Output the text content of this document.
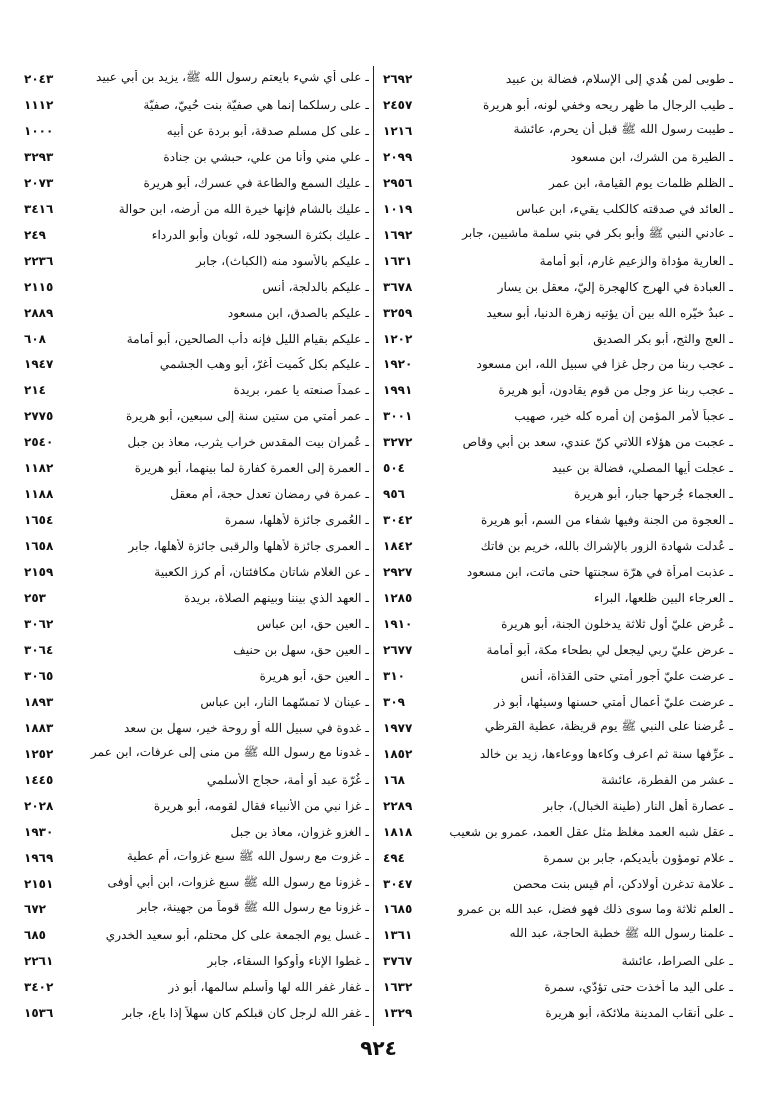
٢٦٩٢	ـ طوبى لمن هُدي إلى الإسلام، فضالة بن عبيد
٢٤٥٧	ـ طيب الرجال ما ظهر ريحه وخفي لونه، أبو هريرة
١٢١٦	ـ طيبت رسول الله ﷺ قبل أن يحرم، عائشة
٢٠٩٩	ـ الطيرة من الشرك، ابن مسعود
٢٩٥٦	ـ الظلم ظلمات يوم القيامة، ابن عمر
١٠١٩	ـ العائد في صدقته كالكلب يقيء، ابن عباس
١٦٩٢	ـ عادني النبي ﷺ وأبو بكر في بني سلمة ماشيين، جابر
١٦٣١	ـ العارية مؤداة والزعيم غارم، أبو أمامة
٣٦٧٨	ـ العبادة في الهرج كالهجرة إليّ، معقل بن يسار
٣٢٥٩	ـ عبدٌ خيّره الله بين أن يؤتيه زهرة الدنيا، أبو سعيد
١٢٠٢	ـ العج والثج، أبو بكر الصديق
١٩٢٠	ـ عجب ربنا من رجل غزا في سبيل الله، ابن مسعود
١٩٩١	ـ عجب ربنا عز وجل من قوم يقادون، أبو هريرة
٣٠٠١	ـ عجباً لأمر المؤمن إن أمره كله خير، صهيب
٣٢٧٢	ـ عجبت من هؤلاء اللاتي كنّ عندي، سعد بن أبي وقاص
٥٠٤	ـ عجلت أيها المصلي، فضالة بن عبيد
٩٥٦	ـ العجماء جُرحها جبار، أبو هريرة
٣٠٤٢	ـ العجوة من الجنة وفيها شفاء من السم، أبو هريرة
١٨٤٢	ـ عُدلت شهادة الزور بالإشراك بالله، خريم بن فاتك
٢٩٢٧	ـ عذبت امرأة في هرّة سجنتها حتى ماتت، ابن مسعود
١٢٨٥	ـ العرجاء البين ظلعها، البراء
١٩١٠	ـ عُرض عليّ أول ثلاثة يدخلون الجنة، أبو هريرة
٢٦٧٧	ـ عرض عليّ ربي ليجعل لي بطحاء مكة، أبو أمامة
٣١٠	ـ عرضت عليّ أجور أمتي حتى القذاة، أنس
٣٠٩	ـ عرضت عليّ أعمال أمتي حسنها وسيئها، أبو ذر
١٩٧٧	ـ عُرضنا على النبي ﷺ يوم قريظة، عطية القرظي
١٨٥٢	ـ عرِّفها سنة ثم اعرف وكاءها ووعاءها، زيد بن خالد
١٦٨	ـ عشر من الفطرة، عائشة
٢٢٨٩	ـ عصارة أهل النار (طينة الخبال)، جابر
١٨١٨	ـ عقل شبه العمد مغلظ مثل عقل العمد، عمرو بن شعيب
٤٩٤	ـ علام تومؤون بأيديكم، جابر بن سمرة
٣٠٤٧	ـ علامة تدغرن أولادكن، أم قيس بنت محصن
١٦٨٥	ـ العلم ثلاثة وما سوى ذلك فهو فضل، عبد الله بن عمرو
١٣٦١	ـ علمنا رسول الله ﷺ خطبة الحاجة، عبد الله
٣٧٦٧	ـ على الصراط، عائشة
١٦٣٢	ـ على اليد ما أخذت حتى تؤدّي، سمرة
١٣٢٩	ـ على أنقاب المدينة ملائكة، أبو هريرة
٢٠٤٣	ـ على أي شيء بايعتم رسول الله ﷺ، يزيد بن أبي عبيد
١١١٢	ـ على رسلكما إنما هي صفيّة بنت حُييّ، صفيّة
١٠٠٠	ـ على كل مسلم صدقة، أبو بردة عن أبيه
٣٢٩٣	ـ علي مني وأنا من علي، حبشي بن جنادة
٢٠٧٣	ـ عليك السمع والطاعة في عسرك، أبو هريرة
٣٤١٦	ـ عليك بالشام فإنها خيرة الله من أرضه، ابن حوالة
٢٤٩	ـ عليك بكثرة السجود لله، ثوبان وأبو الدرداء
٢٢٣٦	ـ عليكم بالأسود منه (الكباث)، جابر
٢١١٥	ـ عليكم بالدلجة، أنس
٢٨٨٩	ـ عليكم بالصدق، ابن مسعود
٦٠٨	ـ عليكم بقيام الليل فإنه دأب الصالحين، أبو أمامة
١٩٤٧	ـ عليكم بكل كُميت أغرّ، أبو وهب الجشمي
٢١٤	ـ عمداً صنعته يا عمر، بريدة
٢٧٧٥	ـ عمر أمتي من ستين سنة إلى سبعين، أبو هريرة
٢٥٤٠	ـ عُمران بيت المقدس خراب يثرب، معاذ بن جبل
١١٨٢	ـ العمرة إلى العمرة كفارة لما بينهما، أبو هريرة
١١٨٨	ـ عمرة في رمضان تعدل حجة، أم معقل
١٦٥٤	ـ العُمرى جائزة لأهلها، سمرة
١٦٥٨	ـ العمرى جائزة لأهلها والرقبى جائزة لأهلها، جابر
٢١٥٩	ـ عن الغلام شاتان مكافئتان، أم كرز الكعبية
٢٥٣	ـ العهد الذي بيننا وبينهم الصلاة، بريدة
٣٠٦٢	ـ العين حق، ابن عباس
٣٠٦٤	ـ العين حق، سهل بن حنيف
٣٠٦٥	ـ العين حق، أبو هريرة
١٨٩٣	ـ عينان لا تمسّهما النار، ابن عباس
١٨٨٣	ـ غدوة في سبيل الله أو روحة خير، سهل بن سعد
١٢٥٢	ـ غدونا مع رسول الله ﷺ من منى إلى عرفات، ابن عمر
١٤٤٥	ـ غُرّة عبد أو أمة، حجاج الأسلمي
٢٠٢٨	ـ غزا نبي من الأنبياء فقال لقومه، أبو هريرة
١٩٣٠	ـ الغزو غزوان، معاذ بن جبل
١٩٦٩	ـ غزوت مع رسول الله ﷺ سبع غزوات، أم عطية
٢١٥١	ـ غزونا مع رسول الله ﷺ سبع غزوات، ابن أبي أوفى
٦٧٢	ـ غزونا مع رسول الله ﷺ قوماً من جهينة، جابر
٦٨٥	ـ غسل يوم الجمعة على كل محتلم، أبو سعيد الخدري
٢٢٦١	ـ غطوا الإناء وأوكوا السقاء، جابر
٣٤٠٢	ـ غفار غفر الله لها وأسلم سالمها، أبو ذر
١٥٣٦	ـ غفر الله لرجل كان قبلكم كان سهلاً إذا باع، جابر
٩٢٤
